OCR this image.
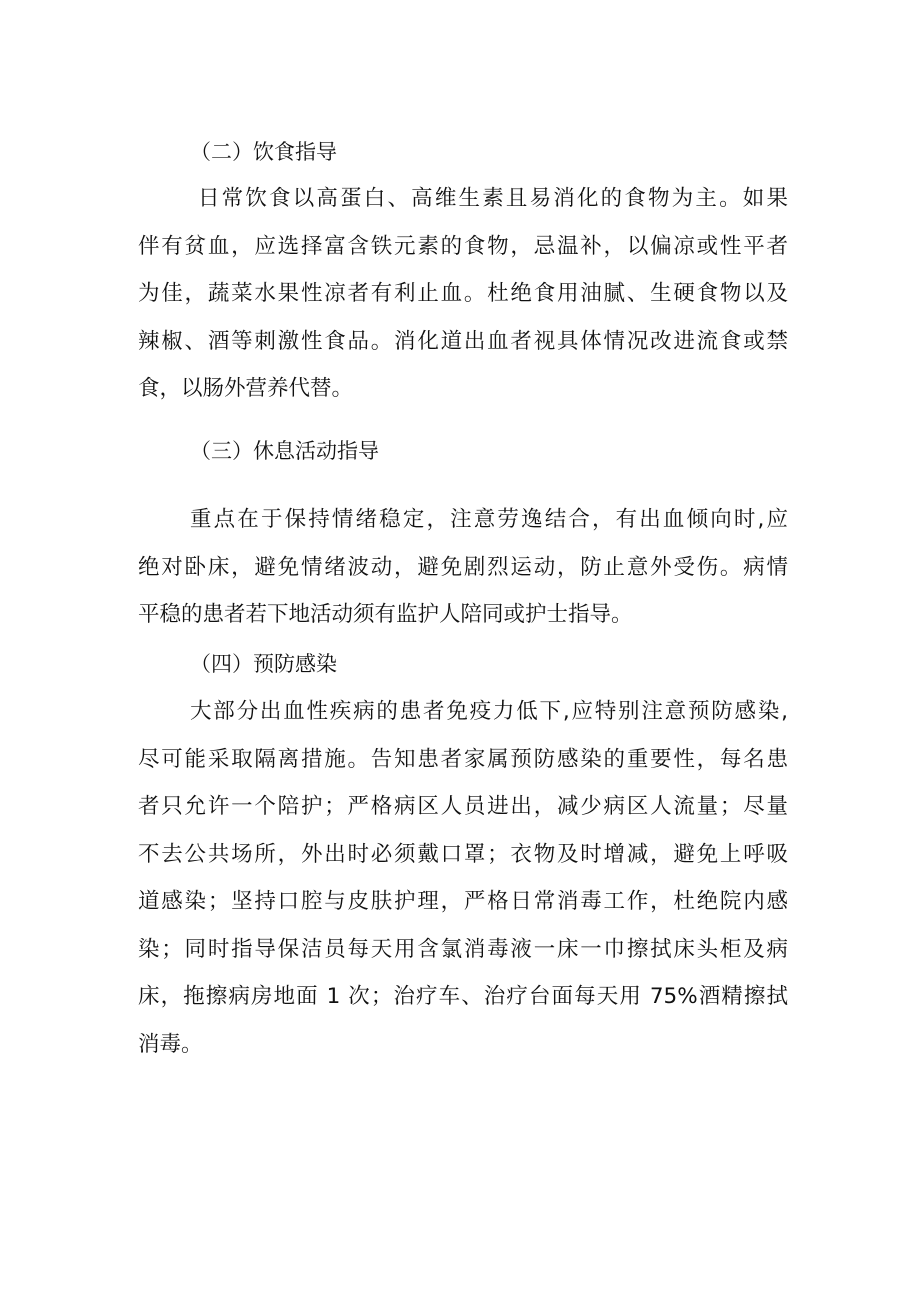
（二）饮食指导
日常饮食以高蛋白、高维生素且易消化的食物为主。如果
伴有贫血，应选择富含铁元素的食物，忌温补，以偏凉或性平者
为佳，蔬菜水果性凉者有利止血。杜绝食用油腻、生硬食物以及
辣椒、酒等刺激性食品。消化道出血者视具体情况改进流食或禁
食，以肠外营养代替。
（三）休息活动指导
重点在于保持情绪稳定，注意劳逸结合，有出血倾向时,应
绝对卧床，避免情绪波动，避免剧烈运动，防止意外受伤。病情
平稳的患者若下地活动须有监护人陪同或护士指导。
（四）预防感染
大部分出血性疾病的患者免疫力低下,应特别注意预防感染,
尽可能采取隔离措施。告知患者家属预防感染的重要性，每名患
者只允许一个陪护；严格病区人员进出，减少病区人流量；尽量
不去公共场所，外出时必须戴口罩；衣物及时增减，避免上呼吸
道感染；坚持口腔与皮肤护理，严格日常消毒工作，杜绝院内感
染；同时指导保洁员每天用含氯消毒液一床一巾擦拭床头柜及病
床，拖擦病房地面 1 次；治疗车、治疗台面每天用 75%酒精擦拭
消毒。
